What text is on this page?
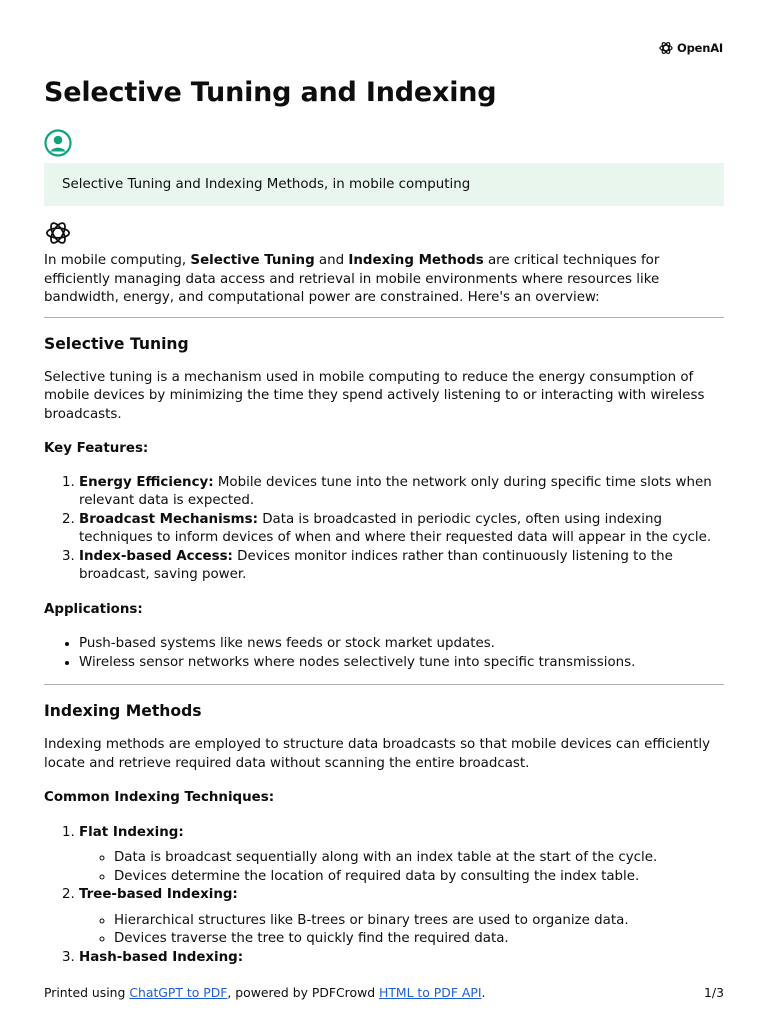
OpenAI
Selective Tuning and Indexing
Selective Tuning and Indexing Methods, in mobile computing

In mobile computing, Selective Tuning and Indexing Methods are critical techniques for efficiently managing data access and retrieval in mobile environments where resources like bandwidth, energy, and computational power are constrained. Here's an overview:

Selective Tuning

Selective tuning is a mechanism used in mobile computing to reduce the energy consumption of mobile devices by minimizing the time they spend actively listening to or interacting with wireless broadcasts.

Key Features:

1. Energy Efficiency: Mobile devices tune into the network only during specific time slots when relevant data is expected.
2. Broadcast Mechanisms: Data is broadcasted in periodic cycles, often using indexing techniques to inform devices of when and where their requested data will appear in the cycle.
3. Index-based Access: Devices monitor indices rather than continuously listening to the broadcast, saving power.

Applications:

• Push-based systems like news feeds or stock market updates.
• Wireless sensor networks where nodes selectively tune into specific transmissions.
Indexing Methods

Indexing methods are employed to structure data broadcasts so that mobile devices can efficiently locate and retrieve required data without scanning the entire broadcast.

Common Indexing Techniques:

1. Flat Indexing:
◦ Data is broadcast sequentially along with an index table at the start of the cycle.
◦ Devices determine the location of required data by consulting the index table.
2. Tree-based Indexing:
◦ Hierarchical structures like B-trees or binary trees are used to organize data.
◦ Devices traverse the tree to quickly find the required data.
3. Hash-based Indexing:
Printed using ChatGPT to PDF, powered by PDFCrowd HTML to PDF API.	1/3
